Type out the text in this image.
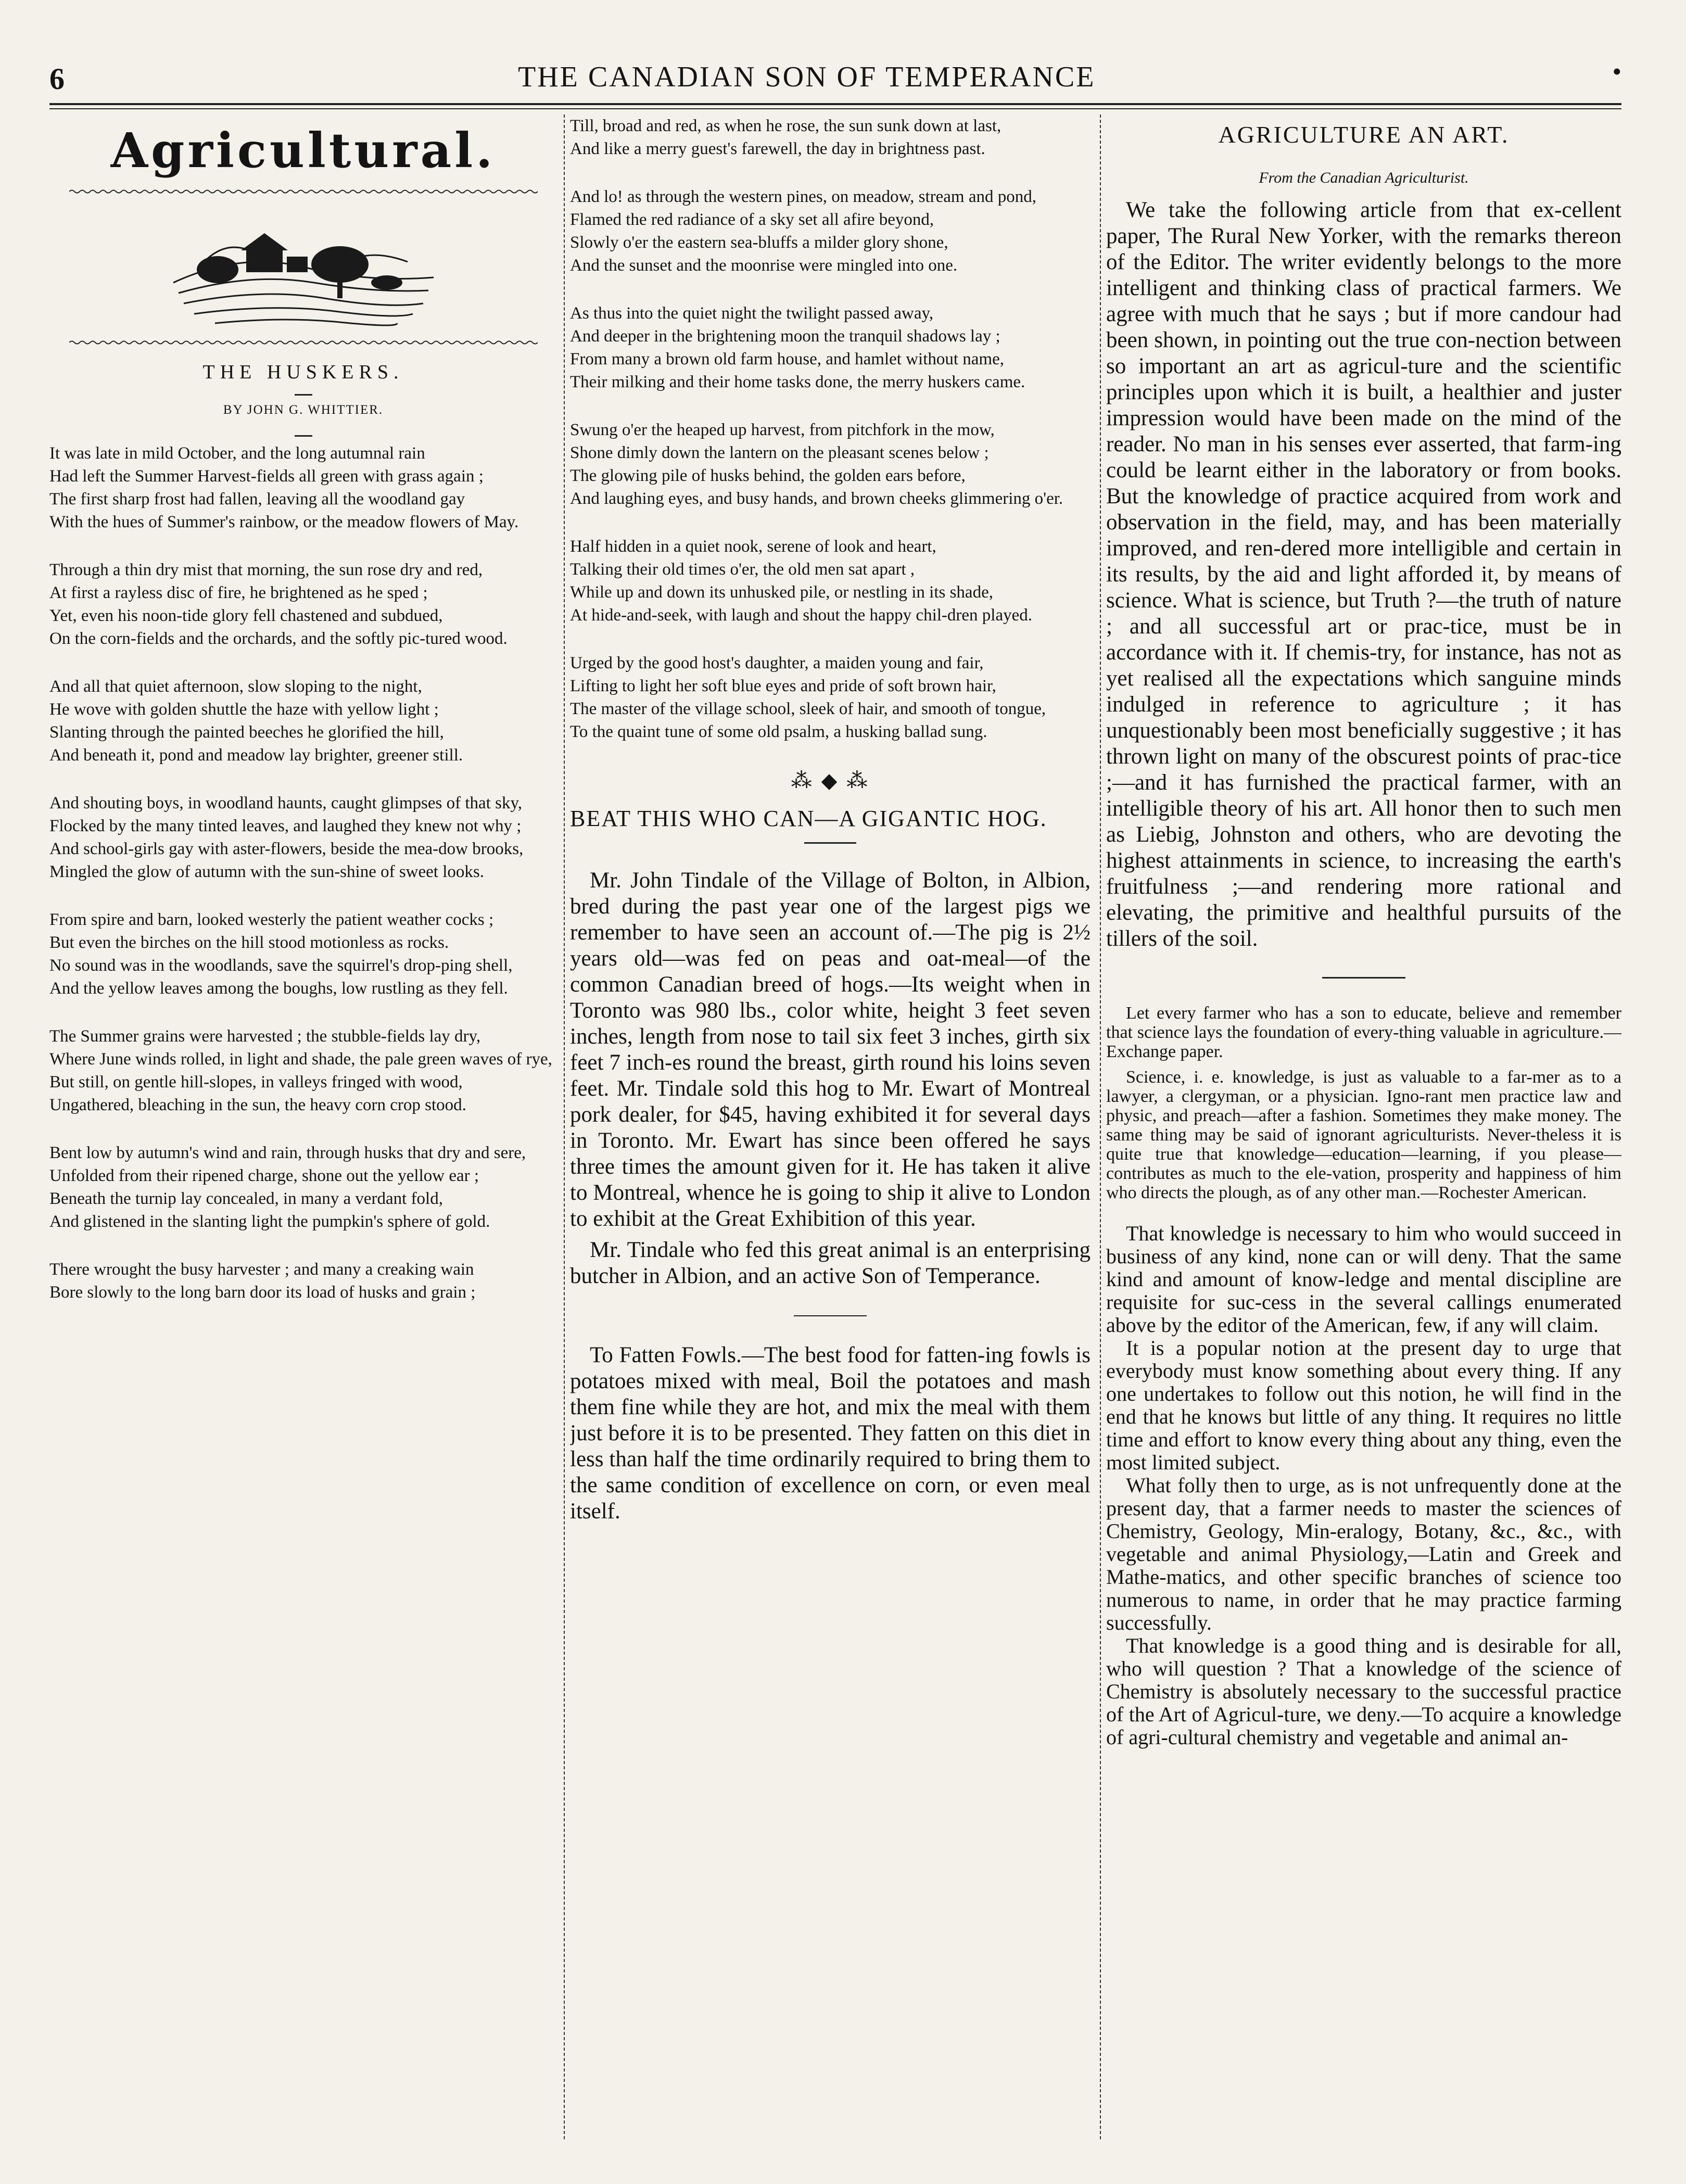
6	THE CANADIAN SON OF TEMPERANCE	•
Agricultural.
THE HUSKERS.
BY JOHN G. WHITTIER.

It was late in mild October, and the long autumnal rain

Had left the Summer Harvest-fields all green with grass again ;

The first sharp frost had fallen, leaving all the woodland gay

With the hues of Summer's rainbow, or the meadow flowers of May.

Through a thin dry mist that morning, the sun rose dry and red,

At first a rayless disc of fire, he brightened as he sped ;

Yet, even his noon-tide glory fell chastened and subdued,

On the corn-fields and the orchards, and the softly pic-tured wood.

And all that quiet afternoon, slow sloping to the night,

He wove with golden shuttle the haze with yellow light ;

Slanting through the painted beeches he glorified the hill,

And beneath it, pond and meadow lay brighter, greener still.

And shouting boys, in woodland haunts, caught glimpses of that sky,

Flocked by the many tinted leaves, and laughed they knew not why ;

And school-girls gay with aster-flowers, beside the mea-dow brooks,

Mingled the glow of autumn with the sun-shine of sweet looks.

From spire and barn, looked westerly the patient weather cocks ;

But even the birches on the hill stood motionless as rocks.

No sound was in the woodlands, save the squirrel's drop-ping shell,

And the yellow leaves among the boughs, low rustling as they fell.

The Summer grains were harvested ; the stubble-fields lay dry,

Where June winds rolled, in light and shade, the pale green waves of rye,

But still, on gentle hill-slopes, in valleys fringed with wood,

Ungathered, bleaching in the sun, the heavy corn crop stood.

Bent low by autumn's wind and rain, through husks that dry and sere,

Unfolded from their ripened charge, shone out the yellow ear ;

Beneath the turnip lay concealed, in many a verdant fold,

And glistened in the slanting light the pumpkin's sphere of gold.

There wrought the busy harvester ; and many a creaking wain

Bore slowly to the long barn door its load of husks and grain ;

Till, broad and red, as when he rose, the sun sunk down at last,

And like a merry guest's farewell, the day in brightness past.

And lo! as through the western pines, on meadow, stream and pond,

Flamed the red radiance of a sky set all afire beyond,

Slowly o'er the eastern sea-bluffs a milder glory shone,

And the sunset and the moonrise were mingled into one.

As thus into the quiet night the twilight passed away,

And deeper in the brightening moon the tranquil shadows lay ;

From many a brown old farm house, and hamlet without name,

Their milking and their home tasks done, the merry huskers came.

Swung o'er the heaped up harvest, from pitchfork in the mow,

Shone dimly down the lantern on the pleasant scenes below ;

The glowing pile of husks behind, the golden ears before,

And laughing eyes, and busy hands, and brown cheeks glimmering o'er.

Half hidden in a quiet nook, serene of look and heart,

Talking their old times o'er, the old men sat apart ,

While up and down its unhusked pile, or nestling in its shade,

At hide-and-seek, with laugh and shout the happy chil-dren played.

Urged by the good host's daughter, a maiden young and fair,

Lifting to light her soft blue eyes and pride of soft brown hair,

The master of the village school, sleek of hair, and smooth of tongue,

To the quaint tune of some old psalm, a husking ballad sung.

⁂ ◆ ⁂
BEAT THIS WHO CAN—A GIGANTIC HOG.

Mr. John Tindale of the Village of Bolton, in Albion, bred during the past year one of the largest pigs we remember to have seen an account of.—The pig is 2½ years old—was fed on peas and oat-meal—of the common Canadian breed of hogs.—Its weight when in Toronto was 980 lbs., color white, height 3 feet seven inches, length from nose to tail six feet 3 inches, girth six feet 7 inch-es round the breast, girth round his loins seven feet. Mr. Tindale sold this hog to Mr. Ewart of Montreal pork dealer, for $45, having exhibited it for several days in Toronto. Mr. Ewart has since been offered he says three times the amount given for it. He has taken it alive to Montreal, whence he is going to ship it alive to London to exhibit at the Great Exhibition of this year.

Mr. Tindale who fed this great animal is an enterprising butcher in Albion, and an active Son of Temperance.

To Fatten Fowls.—The best food for fatten-ing fowls is potatoes mixed with meal, Boil the potatoes and mash them fine while they are hot, and mix the meal with them just before it is to be presented. They fatten on this diet in less than half the time ordinarily required to bring them to the same condition of excellence on corn, or even meal itself.

AGRICULTURE AN ART.
From the Canadian Agriculturist.

We take the following article from that ex-cellent paper, The Rural New Yorker, with the remarks thereon of the Editor. The writer evidently belongs to the more intelligent and thinking class of practical farmers. We agree with much that he says ; but if more candour had been shown, in pointing out the true con-nection between so important an art as agricul-ture and the scientific principles upon which it is built, a healthier and juster impression would have been made on the mind of the reader. No man in his senses ever asserted, that farm-ing could be learnt either in the laboratory or from books. But the knowledge of practice acquired from work and observation in the field, may, and has been materially improved, and ren-dered more intelligible and certain in its results, by the aid and light afforded it, by means of science. What is science, but Truth ?—the truth of nature ; and all successful art or prac-tice, must be in accordance with it. If chemis-try, for instance, has not as yet realised all the expectations which sanguine minds indulged in reference to agriculture ; it has unquestionably been most beneficially suggestive ; it has thrown light on many of the obscurest points of prac-tice ;—and it has furnished the practical farmer, with an intelligible theory of his art. All honor then to such men as Liebig, Johnston and others, who are devoting the highest attainments in science, to increasing the earth's fruitfulness ;—and rendering more rational and elevating, the primitive and healthful pursuits of the tillers of the soil.

Let every farmer who has a son to educate, believe and remember that science lays the foundation of every-thing valuable in agriculture.—Exchange paper.

Science, i. e. knowledge, is just as valuable to a far-mer as to a lawyer, a clergyman, or a physician. Igno-rant men practice law and physic, and preach—after a fashion. Sometimes they make money. The same thing may be said of ignorant agriculturists. Never-theless it is quite true that knowledge—education—learning, if you please—contributes as much to the ele-vation, prosperity and happiness of him who directs the plough, as of any other man.—Rochester American.

That knowledge is necessary to him who would succeed in business of any kind, none can or will deny. That the same kind and amount of know-ledge and mental discipline are requisite for suc-cess in the several callings enumerated above by the editor of the American, few, if any will claim.

It is a popular notion at the present day to urge that everybody must know something about every thing. If any one undertakes to follow out this notion, he will find in the end that he knows but little of any thing. It requires no little time and effort to know every thing about any thing, even the most limited subject.

What folly then to urge, as is not unfrequently done at the present day, that a farmer needs to master the sciences of Chemistry, Geology, Min-eralogy, Botany, &c., &c., with vegetable and animal Physiology,—Latin and Greek and Mathe-matics, and other specific branches of science too numerous to name, in order that he may practice farming successfully.

That knowledge is a good thing and is desirable for all, who will question ? That a knowledge of the science of Chemistry is absolutely necessary to the successful practice of the Art of Agricul-ture, we deny.—To acquire a knowledge of agri-cultural chemistry and vegetable and animal an-
